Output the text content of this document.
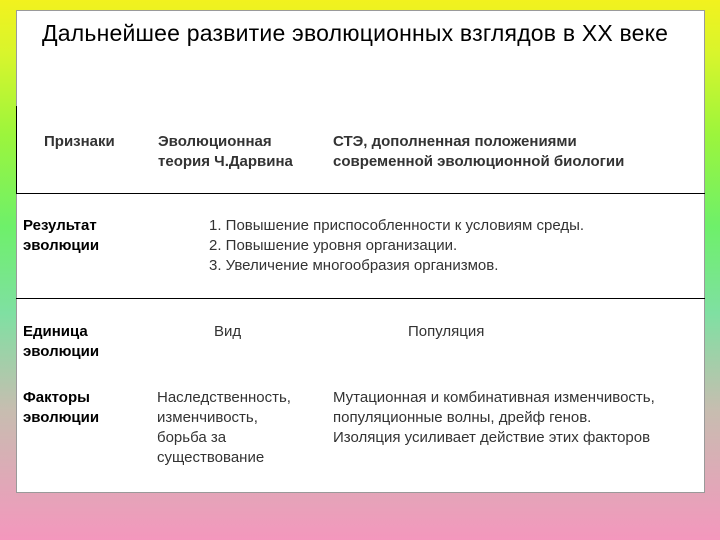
Дальнейшее развитие эволюционных взглядов в XX веке
Признаки	Эволюционная
теория Ч.Дарвина
СТЭ, дополненная положениями
современной эволюционной биологии
Результат
эволюции
1. Повышение приспособленности к условиям среды.
2. Повышение уровня организации.
3. Увеличение многообразия организмов.
Единица
эволюции
Вид	Популяция
Факторы
эволюции
Наследственность,
изменчивость,
борьба за
существование
Мутационная и комбинативная изменчивость,
популяционные волны, дрейф генов.
Изоляция усиливает действие этих факторов
